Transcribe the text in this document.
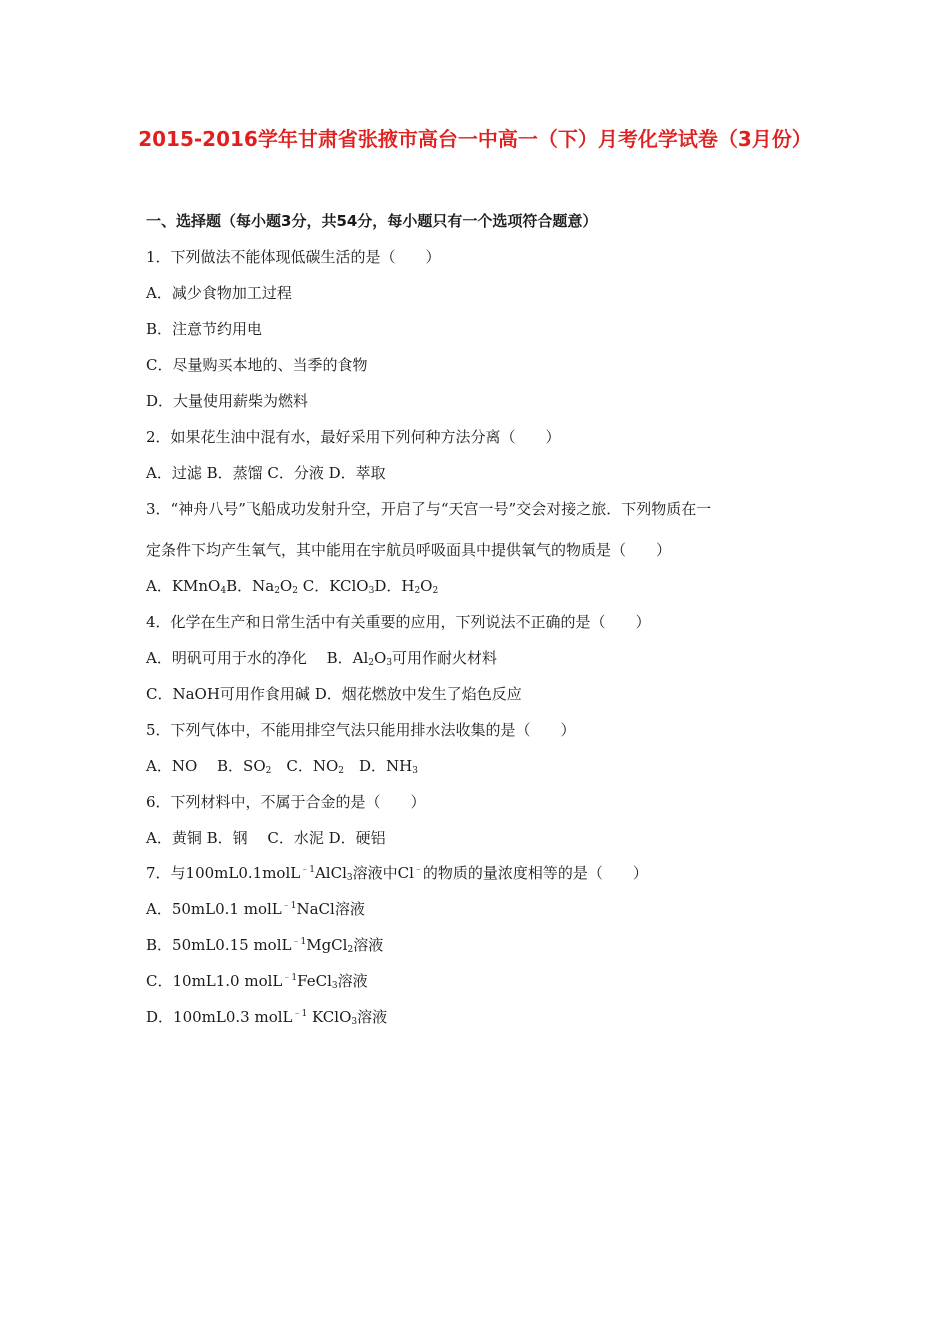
2015-2016学年甘肃省张掖市高台一中高一（下）月考化学试卷（3月份）
一、选择题（每小题3分，共54分，每小题只有一个选项符合题意）
1．下列做法不能体现低碳生活的是（　　）
A．减少食物加工过程
B．注意节约用电
C．尽量购买本地的、当季的食物
D．大量使用薪柴为燃料
2．如果花生油中混有水，最好采用下列何种方法分离（　　）
A．过滤 B．蒸馏 C．分液 D．萃取
3．“神舟八号”飞船成功发射升空，开启了与“天宫一号”交会对接之旅．下列物质在一
定条件下均产生氧气，其中能用在宇航员呼吸面具中提供氧气的物质是（　　）
A．KMnO$_4$B．$Na_2O_2$ C．KClO$_3$D．$H_2O_2$
4．化学在生产和日常生活中有关重要的应用，下列说法不正确的是（　　）
A．明矾可用于水的净化　 B．$Al_2O_3$可用作耐火材料
C．NaOH可用作食用碱 D．烟花燃放中发生了焰色反应
5．下列气体中，不能用排空气法只能用排水法收集的是（　　）
A．NO　 B．$SO_2$　C．$NO_2$　D．$NH_3$
6．下列材料中，不属于合金的是（　　）
A．黄铜 B．钢　 C．水泥 D．硬铝
7．与100mL0.1molL$^{﹣1}$AlCl$_3$溶液中Cl﹣的物质的量浓度相等的是（　　）
A．50mL0.1 molL$^{﹣1}$NaCl溶液
B．50mL0.15 molL$^{﹣1}$MgCl$_2$溶液
C．10mL1.0 molL$^{﹣1}$FeCl$_3$溶液
D．100mL0.3 molL$^{﹣1}$ KClO$_3$溶液
